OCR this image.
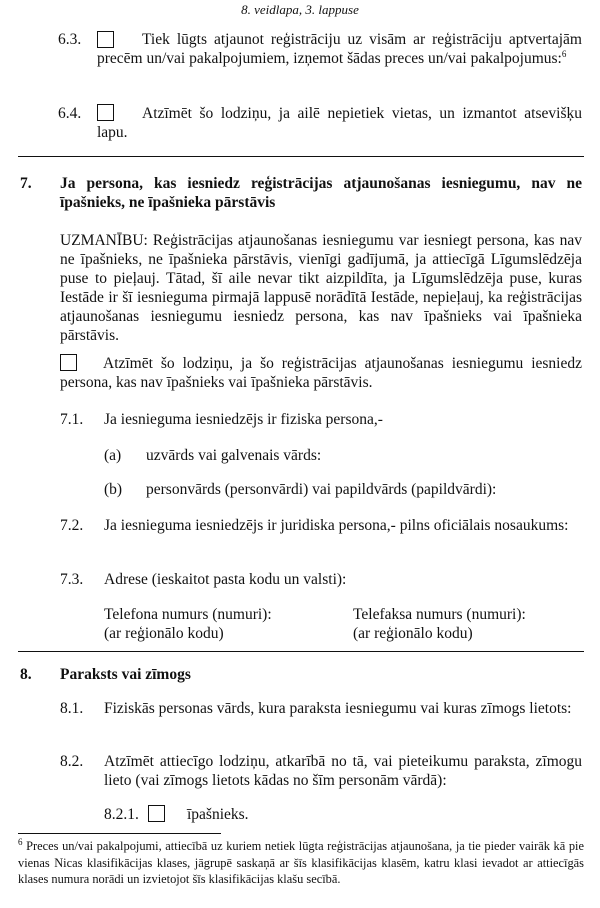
8. veidlapa, 3. lappuse
6.3.	Tiek lūgts atjaunot reģistrāciju uz visām ar reģistrāciju aptvertajām precēm un/vai pakalpojumiem, izņemot šādas preces un/vai pakalpojumus:$^6$
6.4.	Atzīmēt šo lodziņu, ja ailē nepietiek vietas, un izmantot atsevišķu lapu.
7. Ja persona, kas iesniedz reģistrācijas atjaunošanas iesniegumu, nav ne īpašnieks, ne īpašnieka pārstāvis
UZMANĪBU: Reģistrācijas atjaunošanas iesniegumu var iesniegt persona, kas nav ne īpašnieks, ne īpašnieka pārstāvis, vienīgi gadījumā, ja attiecīgā Līgumslēdzēja puse to pieļauj. Tātad, šī aile nevar tikt aizpildīta, ja Līgumslēdzēja puse, kuras Iestāde ir šī iesnieguma pirmajā lappusē norādītā Iestāde, nepieļauj, ka reģistrācijas atjaunošanas iesniegumu iesniedz persona, kas nav īpašnieks vai īpašnieka pārstāvis.
Atzīmēt šo lodziņu, ja šo reģistrācijas atjaunošanas iesniegumu iesniedz persona, kas nav īpašnieks vai īpašnieka pārstāvis.
7.1. Ja iesnieguma iesniedzējs ir fiziska persona,-
(a) uzvārds vai galvenais vārds:
(b) personvārds (personvārdi) vai papildvārds (papildvārdi):
7.2. Ja iesnieguma iesniedzējs ir juridiska persona,- pilns oficiālais nosaukums:
7.3. Adrese (ieskaitot pasta kodu un valsti):
Telefona numurs (numuri):
(ar reģionālo kodu)
Telefaksa numurs (numuri):
(ar reģionālo kodu)
8. Paraksts vai zīmogs
8.1. Fiziskās personas vārds, kura paraksta iesniegumu vai kuras zīmogs lietots:
8.2. Atzīmēt attiecīgo lodziņu, atkarībā no tā, vai pieteikumu paraksta, zīmogu lieto (vai zīmogs lietots kādas no šīm personām vārdā):
8.2.1.	īpašnieks.
$^6$ Preces un/vai pakalpojumi, attiecībā uz kuriem netiek lūgta reģistrācijas atjaunošana, ja tie pieder vairāk kā pie vienas Nicas klasifikācijas klases, jāgrupē saskaņā ar šīs klasifikācijas klasēm, katru klasi ievadot ar attiecīgās klases numura norādi un izvietojot šīs klasifikācijas klašu secībā.
